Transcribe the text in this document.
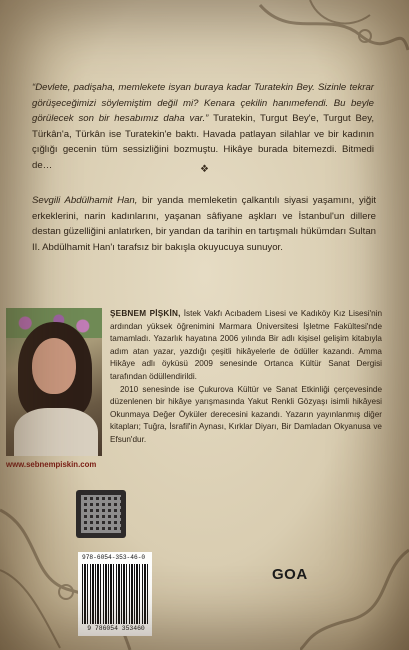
“Devlete, padişaha, memlekete isyan buraya kadar Turatekin Bey. Sizinle tekrar görüşeceğimizi söylemiştim değil mi? Kenara çekilin hanımefendi. Bu beyle görülecek son bir hesabımız daha var.” Turatekin, Turgut Bey'e, Turgut Bey, Türkân'a, Türkân ise Turatekin'e baktı. Havada patlayan silahlar ve bir kadının çığlığı gecenin tüm sessizliğini bozmuştu. Hikâye burada bitemezdi. Bitmedi de…	❖
Sevgili Abdülhamit Han, bir yanda memleketin çalkantılı siyasi yaşamını, yiğit erkeklerini, narin kadınlarını, yaşanan sâfiyane aşkları ve İstanbul'un dillere destan güzelliğini anlatırken, bir yandan da tarihin en tartışmalı hükümdarı Sultan II. Abdülhamit Han'ı tarafsız bir bakışla okuyucuya sunuyor.
www.sebnempiskin.com

ŞEBNEM PİŞKİN, İstek Vakfı Acıbadem Lisesi ve Kadıköy Kız Lisesi'nin ardından yüksek öğrenimini Marmara Üniversitesi İşletme Fakültesi'nde tamamladı. Yazarlık hayatına 2006 yılında Bir adlı kişisel gelişim kitabıyla adım atan yazar, yazdığı çeşitli hikâyelerle de ödüller kazandı. Amma Hikâye adlı öyküsü 2009 senesinde Ortanca Kültür Sanat Dergisi tarafından ödüllendirildi.

2010 senesinde ise Çukurova Kültür ve Sanat Etkinliği çerçevesinde düzenlenen bir hikâye yarışmasında Yakut Renkli Gözyaşı isimli hikâyesi Okunmaya Değer Öyküler derecesini kazandı. Yazarın yayınlanmış diğer kitapları; Tuğra, İsrafil'in Aynası, Kırklar Diyarı, Bir Damladan Okyanusa ve Efsun'dur.

978-6054-353-46-0
9 786054 353460
GOA
